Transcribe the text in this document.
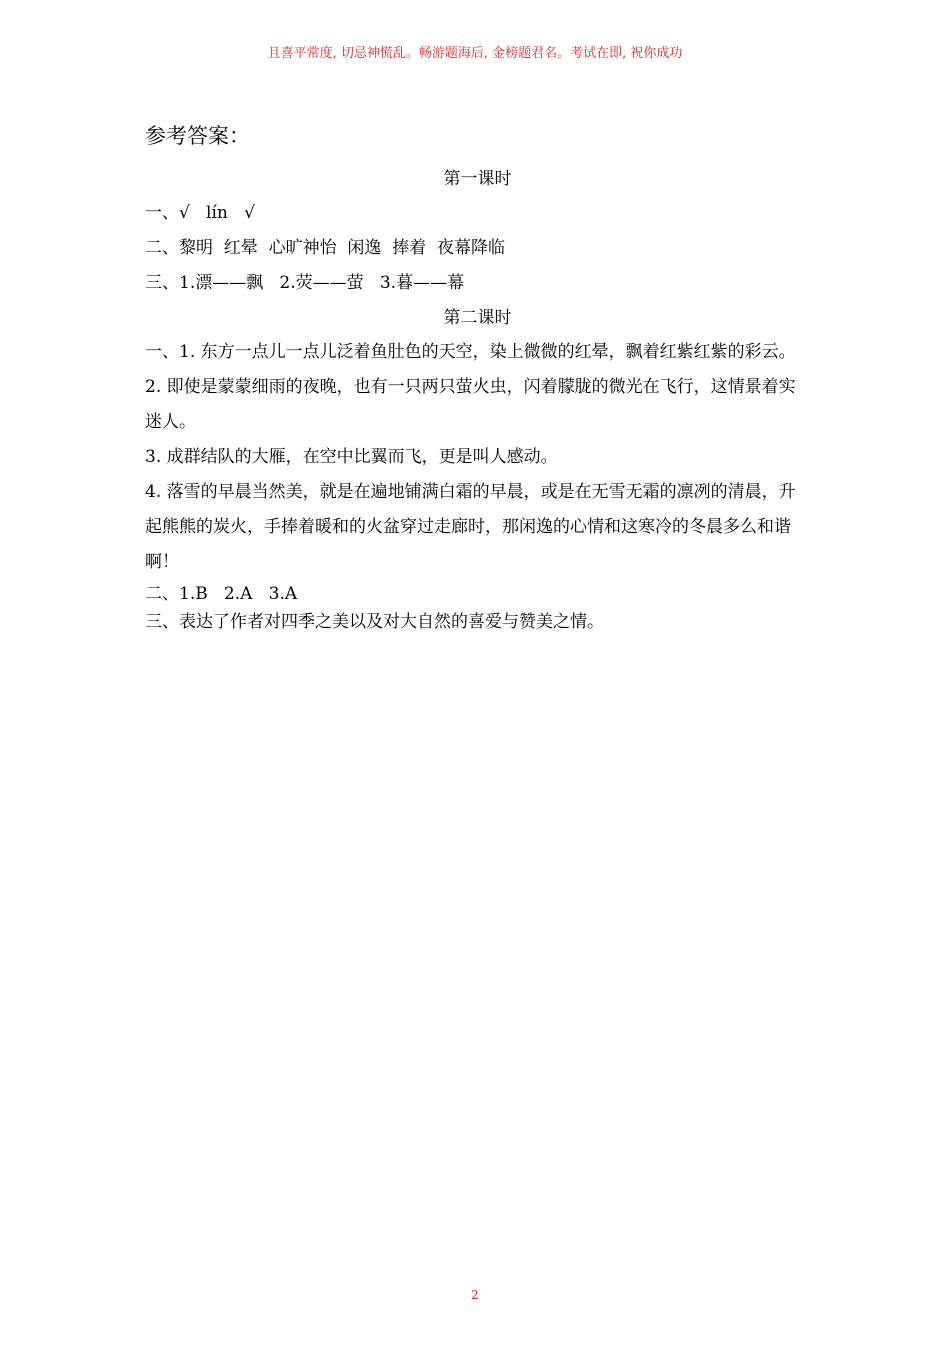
且喜平常度, 切忌神慌乱。畅游题海后, 金榜题君名。考试在即, 祝你成功
参考答案：
第一课时
一、√   lín   √
二、黎明  红晕  心旷神怡  闲逸  捧着  夜幕降临
三、1.漂——飘   2.荧——萤   3.暮——幕
第二课时
一、1. 东方一点儿一点儿泛着鱼肚色的天空，染上微微的红晕，飘着红紫红紫的彩云。
2. 即使是蒙蒙细雨的夜晚，也有一只两只萤火虫，闪着朦胧的微光在飞行，这情景着实迷人。
3. 成群结队的大雁，在空中比翼而飞，更是叫人感动。
4. 落雪的早晨当然美，就是在遍地铺满白霜的早晨，或是在无雪无霜的凛冽的清晨，升起熊熊的炭火，手捧着暖和的火盆穿过走廊时，那闲逸的心情和这寒冷的冬晨多么和谐啊！
二、1.B   2.A   3.A
三、表达了作者对四季之美以及对大自然的喜爱与赞美之情。
2
